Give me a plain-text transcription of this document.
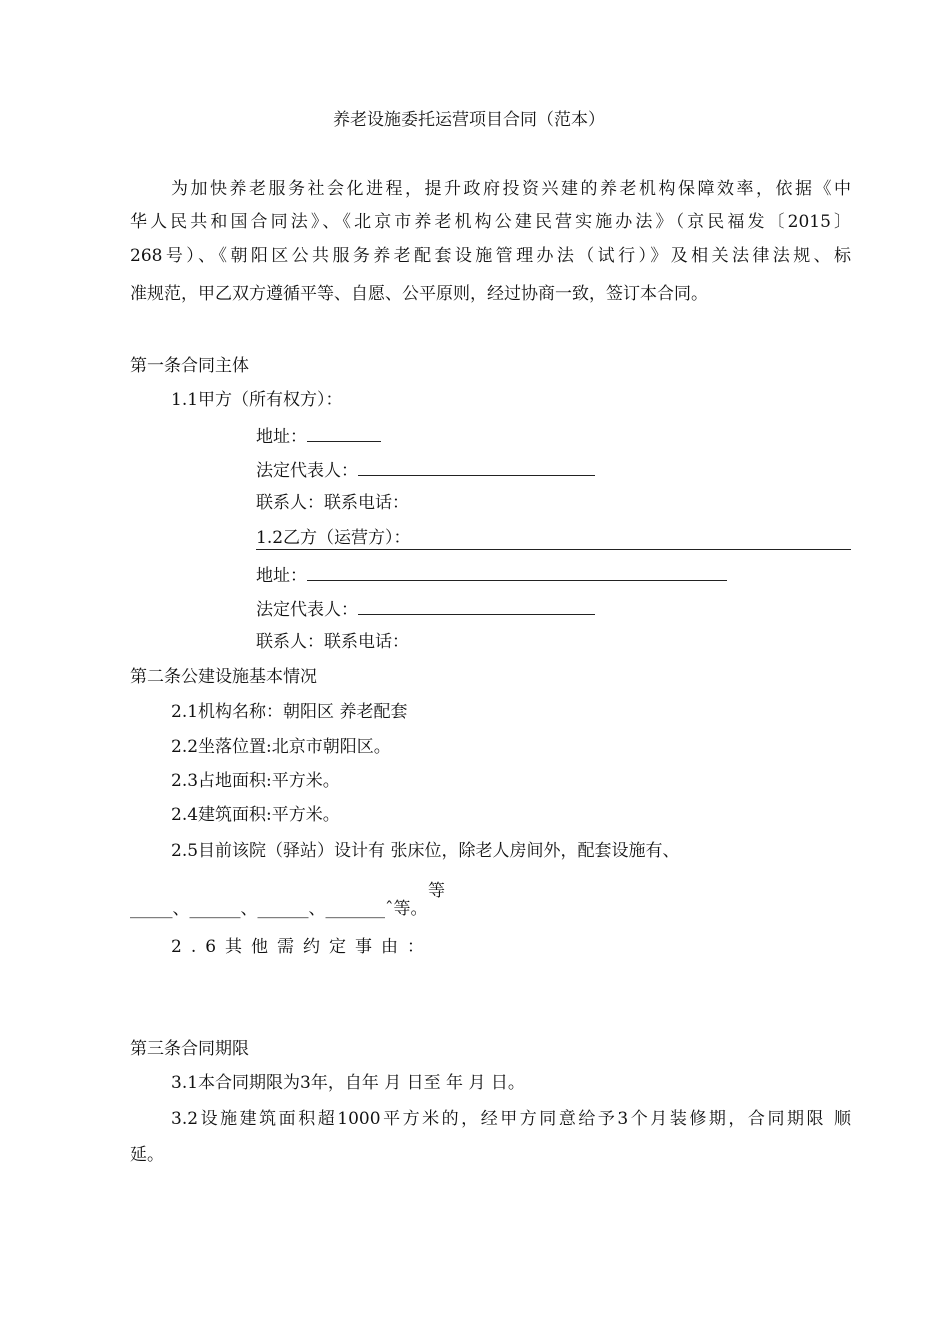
养老设施委托运营项目合同（范本）
为加快养老服务社会化进程，提升政府投资兴建的养老机构保障效率，依据《中
华人民共和国合同法》、《北京市养老机构公建民营实施办法》（京民福发〔2015〕
268号）、《朝阳区公共服务养老配套设施管理办法（试行）》及相关法律法规、标
准规范，甲乙双方遵循平等、自愿、公平原则，经过协商一致，签订本合同。
第一条合同主体
1.1甲方（所有权方）：
地址：
法定代表人：
联系人：联系电话：
1.2乙方（运营方）：
地址：
法定代表人：
联系人：联系电话：
第二条公建设施基本情况
2.1机构名称：朝阳区 养老配套
2.2坐落位置:北京市朝阳区。
2.3占地面积:平方米。
2.4建筑面积:平方米。
2.5目前该院（驿站）设计有 张床位，除老人房间外，配套设施有、
等
_____、______、______、_______ˆ等。
2.6其他需约定事由：
第三条合同期限
3.1本合同期限为3年，自年 月 日至 年 月 日。
3.2设施建筑面积超1000平方米的，经甲方同意给予3个月装修期，合同期限 顺
延。
